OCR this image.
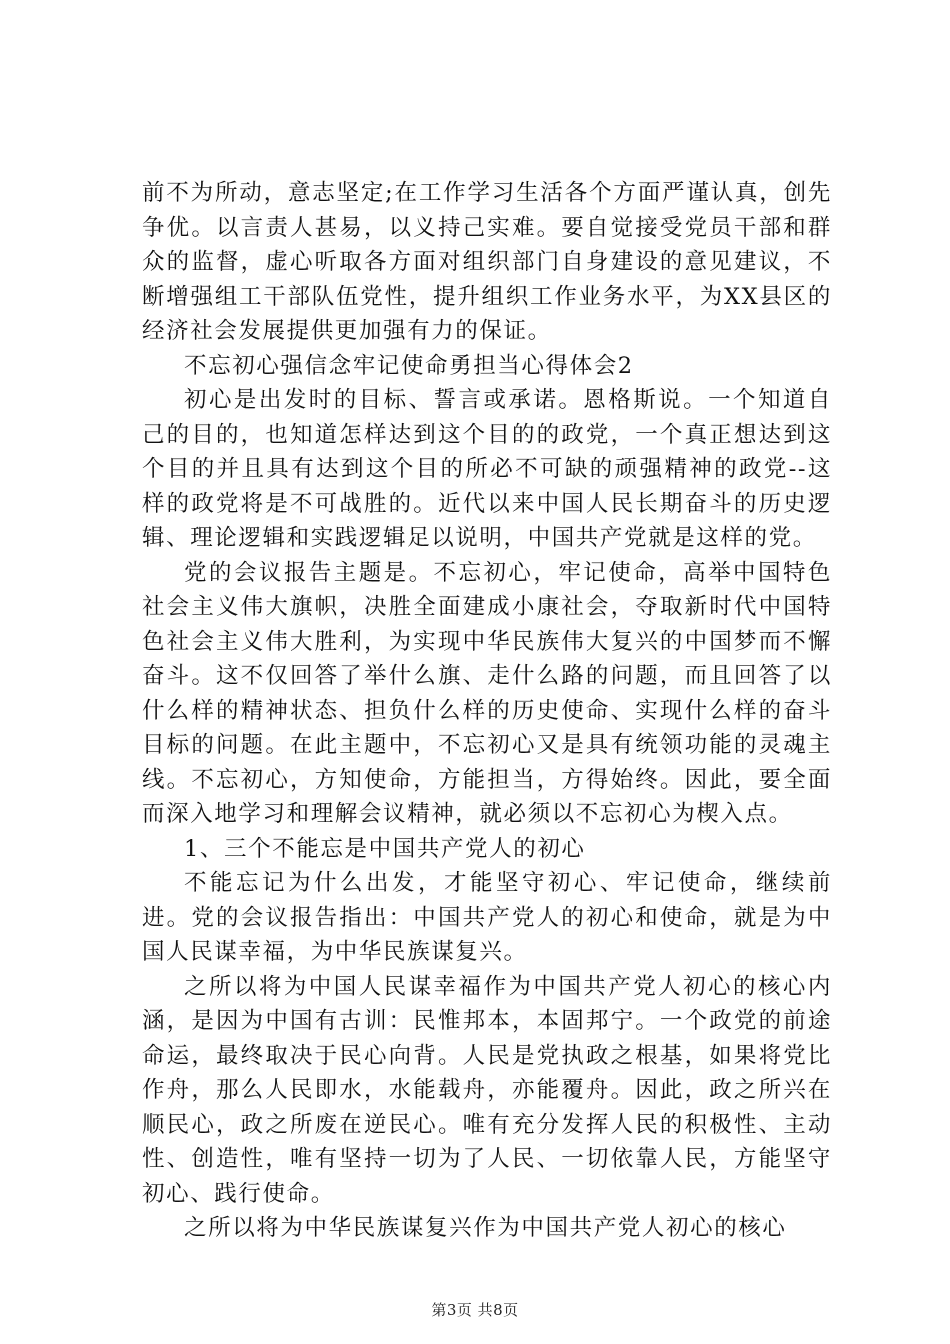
前不为所动，意志坚定;在工作学习生活各个方面严谨认真，创先争优。以言责人甚易，以义持己实难。要自觉接受党员干部和群众的监督，虚心听取各方面对组织部门自身建设的意见建议，不断增强组工干部队伍党性，提升组织工作业务水平，为XX县区的经济社会发展提供更加强有力的保证。

不忘初心强信念牢记使命勇担当心得体会2

初心是出发时的目标、誓言或承诺。恩格斯说。一个知道自己的目的，也知道怎样达到这个目的的政党，一个真正想达到这个目的并且具有达到这个目的所必不可缺的顽强精神的政党--这样的政党将是不可战胜的。近代以来中国人民长期奋斗的历史逻辑、理论逻辑和实践逻辑足以说明，中国共产党就是这样的党。

党的会议报告主题是。不忘初心，牢记使命，高举中国特色社会主义伟大旗帜，决胜全面建成小康社会，夺取新时代中国特色社会主义伟大胜利，为实现中华民族伟大复兴的中国梦而不懈奋斗。这不仅回答了举什么旗、走什么路的问题，而且回答了以什么样的精神状态、担负什么样的历史使命、实现什么样的奋斗目标的问题。在此主题中，不忘初心又是具有统领功能的灵魂主线。不忘初心，方知使命，方能担当，方得始终。因此，要全面而深入地学习和理解会议精神，就必须以不忘初心为楔入点。

1、三个不能忘是中国共产党人的初心

不能忘记为什么出发，才能坚守初心、牢记使命，继续前进。党的会议报告指出：中国共产党人的初心和使命，就是为中国人民谋幸福，为中华民族谋复兴。

之所以将为中国人民谋幸福作为中国共产党人初心的核心内涵，是因为中国有古训：民惟邦本，本固邦宁。一个政党的前途命运，最终取决于民心向背。人民是党执政之根基，如果将党比作舟，那么人民即水，水能载舟，亦能覆舟。因此，政之所兴在顺民心，政之所废在逆民心。唯有充分发挥人民的积极性、主动性、创造性，唯有坚持一切为了人民、一切依靠人民，方能坚守初心、践行使命。

之所以将为中华民族谋复兴作为中国共产党人初心的核心

第3页 共8页
